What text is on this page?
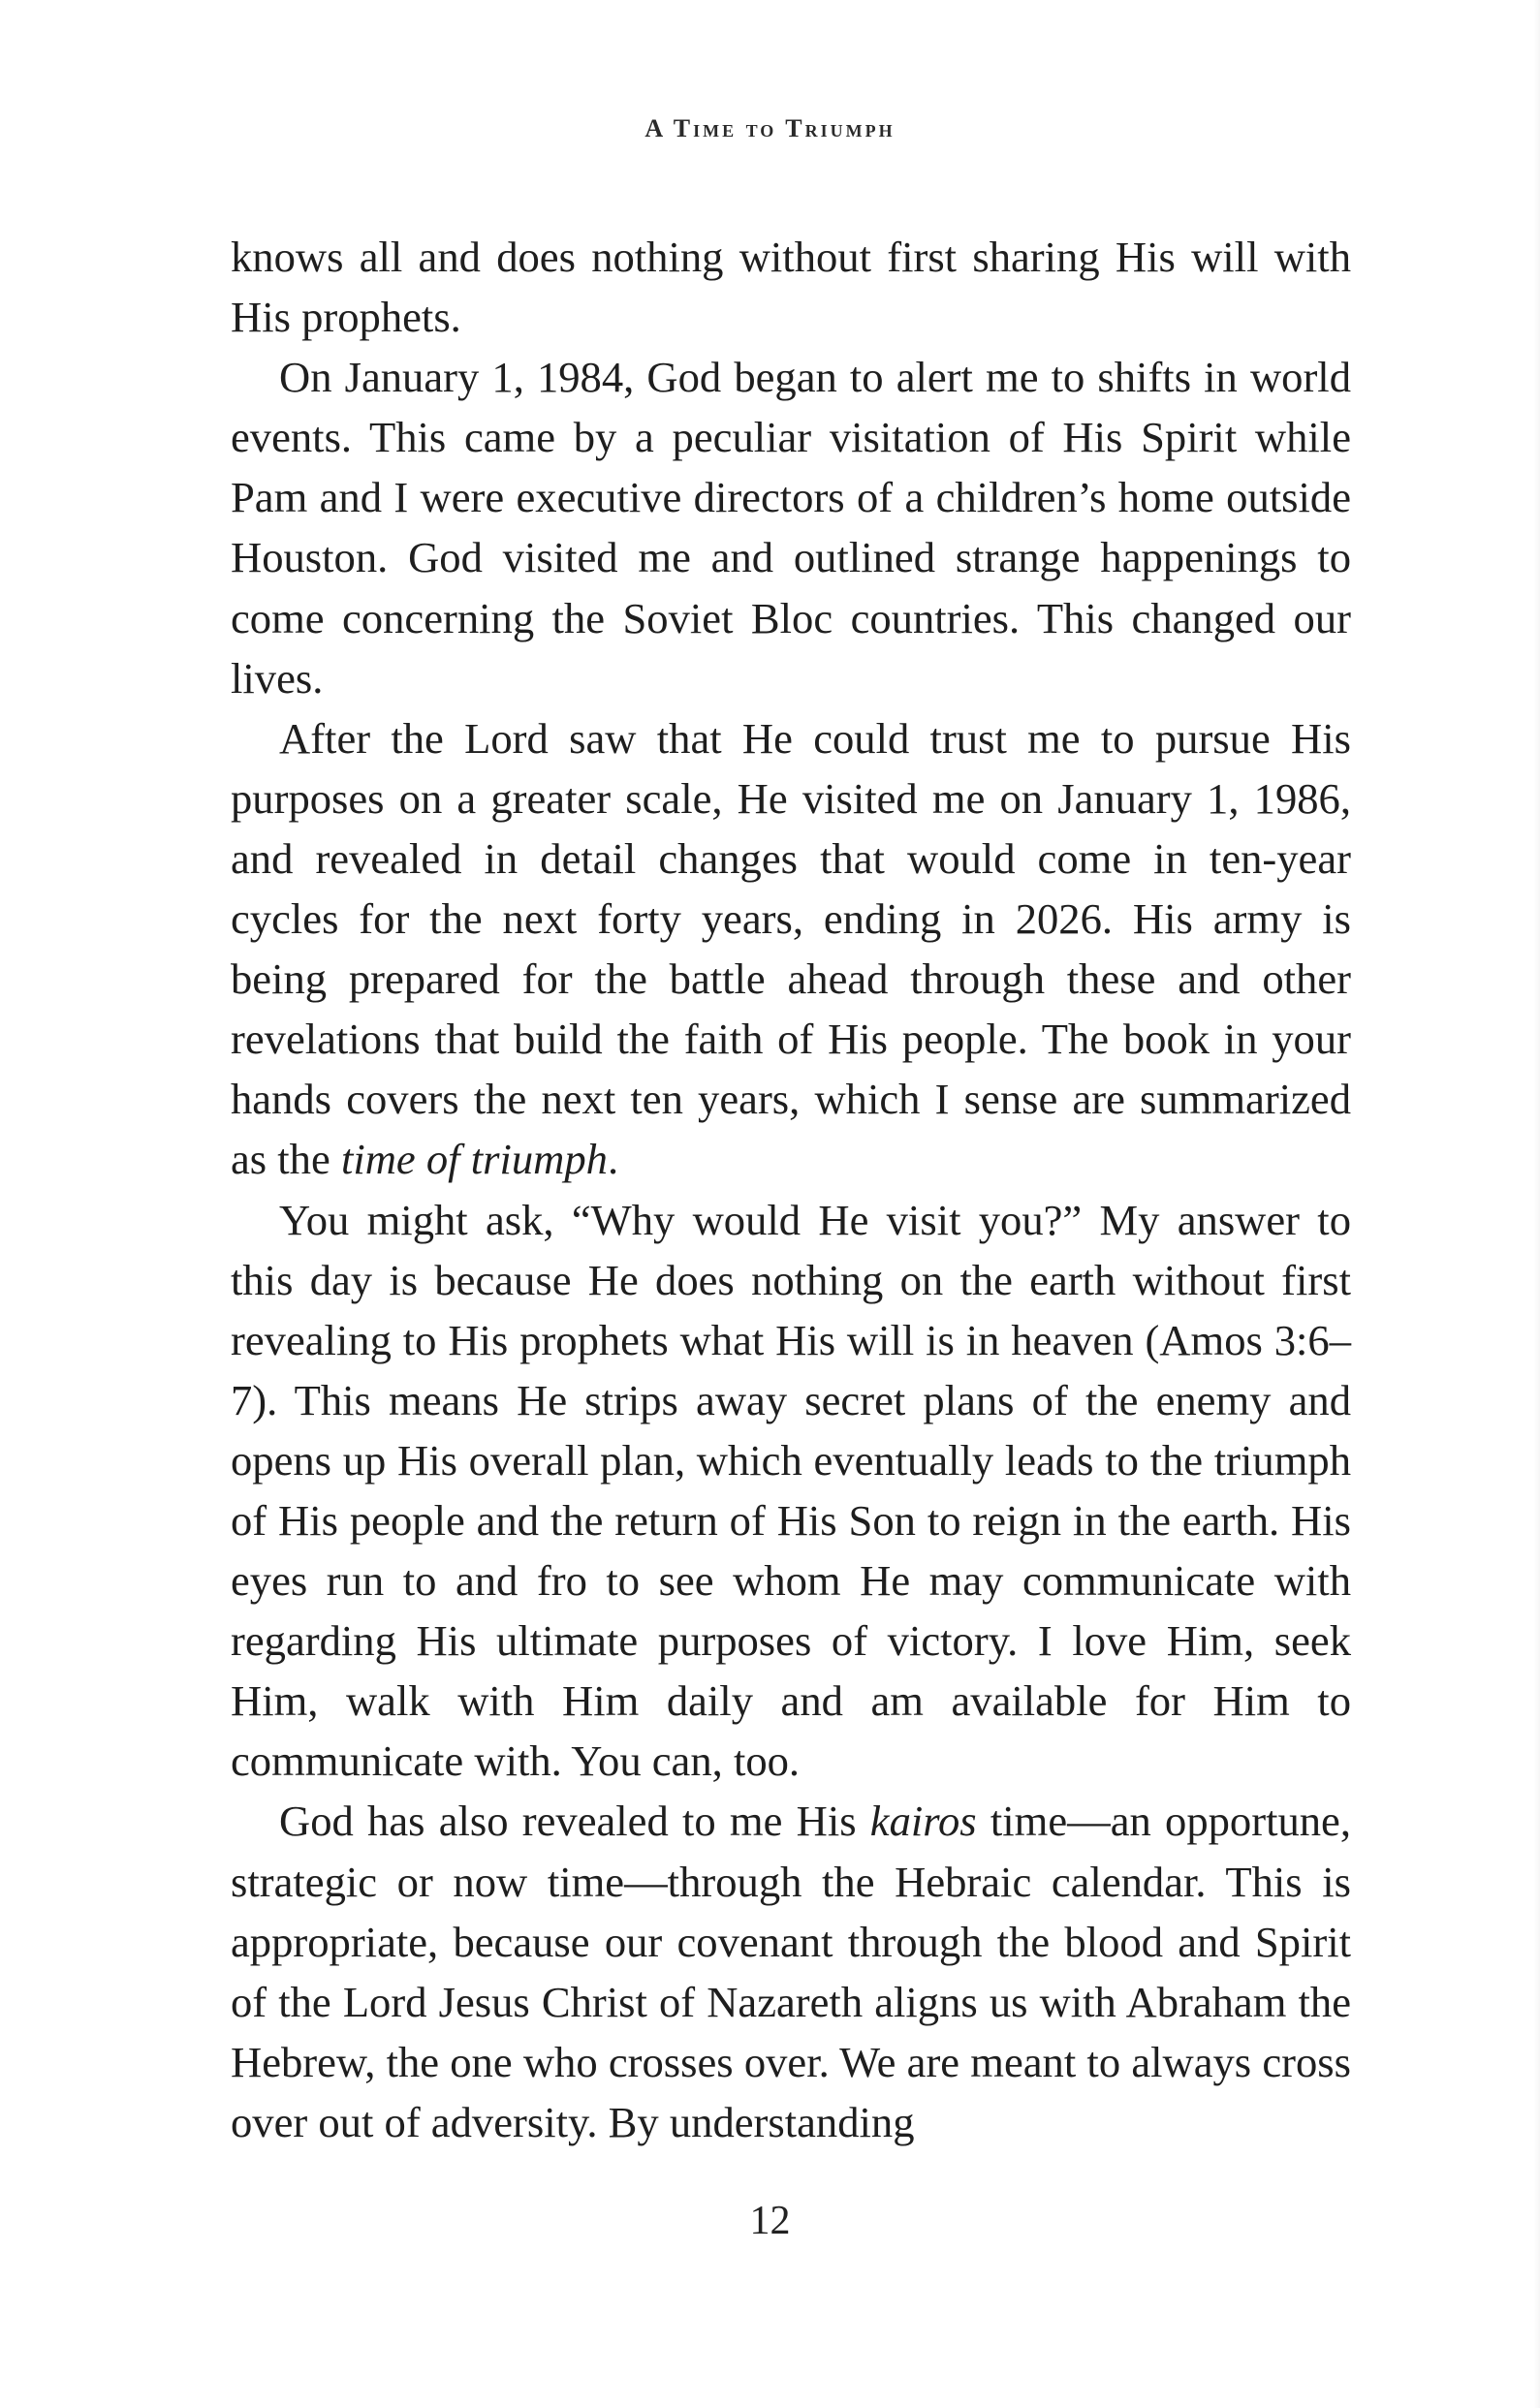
A Time to Triumph

knows all and does nothing without first sharing His will with His prophets.

On January 1, 1984, God began to alert me to shifts in world events. This came by a peculiar visitation of His Spirit while Pam and I were executive directors of a children’s home outside Houston. God visited me and outlined strange happenings to come concerning the Soviet Bloc countries. This changed our lives.

After the Lord saw that He could trust me to pursue His purposes on a greater scale, He visited me on January 1, 1986, and revealed in detail changes that would come in ten-year cycles for the next forty years, ending in 2026. His army is being prepared for the battle ahead through these and other revelations that build the faith of His people. The book in your hands covers the next ten years, which I sense are summarized as the time of triumph.

You might ask, “Why would He visit you?” My answer to this day is because He does nothing on the earth without first revealing to His prophets what His will is in heaven (Amos 3:6–7). This means He strips away secret plans of the enemy and opens up His overall plan, which eventually leads to the triumph of His people and the return of His Son to reign in the earth. His eyes run to and fro to see whom He may communicate with regarding His ultimate purposes of victory. I love Him, seek Him, walk with Him daily and am available for Him to communicate with. You can, too.

God has also revealed to me His kairos time—an opportune, strategic or now time—through the Hebraic calendar. This is appropriate, because our covenant through the blood and Spirit of the Lord Jesus Christ of Nazareth aligns us with Abraham the Hebrew, the one who crosses over. We are meant to always cross over out of adversity. By understanding

12
